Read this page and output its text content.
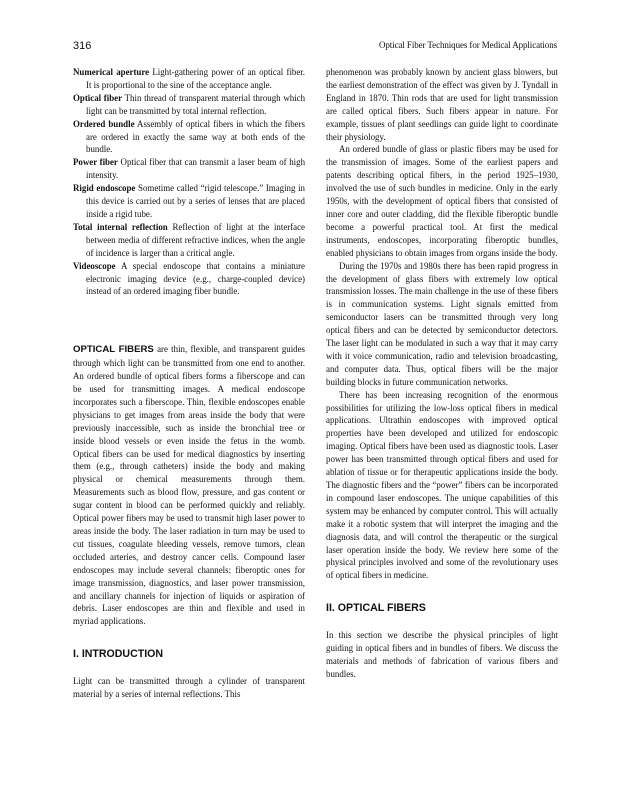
316	Optical Fiber Techniques for Medical Applications

Numerical aperture Light-gathering power of an optical fiber. It is proportional to the sine of the acceptance angle.

Optical fiber Thin thread of transparent material through which light can be transmitted by total internal reflection.

Ordered bundle Assembly of optical fibers in which the fibers are ordered in exactly the same way at both ends of the bundle.

Power fiber Optical fiber that can transmit a laser beam of high intensity.

Rigid endoscope Sometime called “rigid telescope.” Imaging in this device is carried out by a series of lenses that are placed inside a rigid tube.

Total internal reflection Reflection of light at the interface between media of different refractive indices, when the angle of incidence is larger than a critical angle.

Videoscope A special endoscope that contains a miniature electronic imaging device (e.g., charge-coupled device) instead of an ordered imaging fiber bundle.

OPTICAL FIBERS are thin, flexible, and transparent guides through which light can be transmitted from one end to another. An ordered bundle of optical fibers forms a fiberscope and can be used for transmitting images. A medical endoscope incorporates such a fiberscope. Thin, flexible endoscopes enable physicians to get images from areas inside the body that were previously inaccessible, such as inside the bronchial tree or inside blood vessels or even inside the fetus in the womb. Optical fibers can be used for medical diagnostics by inserting them (e.g., through catheters) inside the body and making physical or chemical measurements through them. Measurements such as blood flow, pressure, and gas content or sugar content in blood can be performed quickly and reliably. Optical power fibers may be used to transmit high laser power to areas inside the body. The laser radiation in turn may be used to cut tissues, coagulate bleeding vessels, remove tumors, clean occluded arteries, and destroy cancer cells. Compound laser endoscopes may include several channels: fiberoptic ones for image transmission, diagnostics, and laser power transmission, and ancillary channels for injection of liquids or aspiration of debris. Laser endoscopes are thin and flexible and used in myriad applications.

I. INTRODUCTION

Light can be transmitted through a cylinder of transparent material by a series of internal reflections. This

phenomenon was probably known by ancient glass blowers, but the earliest demonstration of the effect was given by J. Tyndall in England in 1870. Thin rods that are used for light transmission are called optical fibers. Such fibers appear in nature. For example, tissues of plant seedlings can guide light to coordinate their physiology.

An ordered bundle of glass or plastic fibers may be used for the transmission of images. Some of the earliest papers and patents describing optical fibers, in the period 1925–1930, involved the use of such bundles in medicine. Only in the early 1950s, with the development of optical fibers that consisted of inner core and outer cladding, did the flexible fiberoptic bundle become a powerful practical tool. At first the medical instruments, endoscopes, incorporating fiberoptic bundles, enabled physicians to obtain images from organs inside the body.

During the 1970s and 1980s there has been rapid progress in the development of glass fibers with extremely low optical transmission losses. The main challenge in the use of these fibers is in communication systems. Light signals emitted from semiconductor lasers can be transmitted through very long optical fibers and can be detected by semiconductor detectors. The laser light can be modulated in such a way that it may carry with it voice communication, radio and television broadcasting, and computer data. Thus, optical fibers will be the major building blocks in future communication networks.

There has been increasing recognition of the enormous possibilities for utilizing the low-loss optical fibers in medical applications. Ultrathin endoscopes with improved optical properties have been developed and utilized for endoscopic imaging. Optical fibers have been used as diagnostic tools. Laser power has been transmitted through optical fibers and used for ablation of tissue or for therapeutic applications inside the body. The diagnostic fibers and the “power” fibers can be incorporated in compound laser endoscopes. The unique capabilities of this system may be enhanced by computer control. This will actually make it a robotic system that will interpret the imaging and the diagnosis data, and will control the therapeutic or the surgical laser operation inside the body. We review here some of the physical principles involved and some of the revolutionary uses of optical fibers in medicine.

II. OPTICAL FIBERS

In this section we describe the physical principles of light guiding in optical fibers and in bundles of fibers. We discuss the materials and methods of fabrication of various fibers and bundles.
